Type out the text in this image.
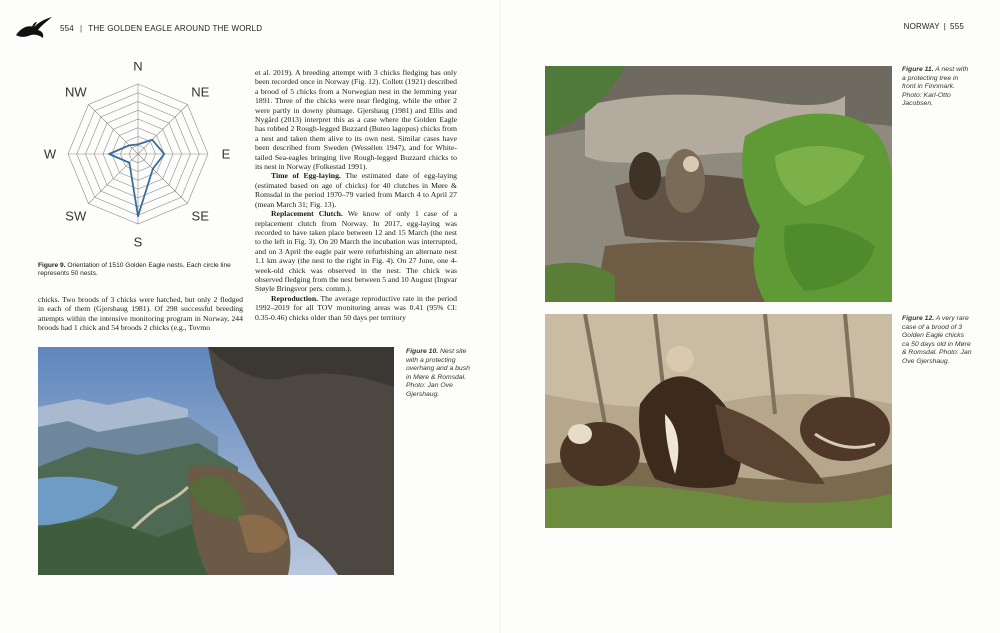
554 | THE GOLDEN EAGLE AROUND THE WORLD	NORWAY | 555
N
NE
E
SE
S
SW
W
NW
Figure 9. Orientation of 1510 Golden Eagle nests. Each circle line represents 50 nests.
chicks. Two broods of 3 chicks were hatched, but only 2 fledged in each of them (Gjershaug 1981). Of 298 successful breeding attempts within the intensive monitoring program in Norway, 244 broods had 1 chick and 54 broods 2 chicks (e.g., Tovmo

et al. 2019). A breeding attempt with 3 chicks fledging has only been recorded once in Norway (Fig. 12). Collett (1921) described a brood of 5 chicks from a Norwegian nest in the lemming year 1891. Three of the chicks were near fledging, while the other 2 were partly in downy plumage. Gjershaug (1981) and Ellis and Nygård (2013) interpret this as a case where the Golden Eagle has robbed 2 Rough-legged Buzzard (Buteo lagopus) chicks from a nest and taken them alive to its own nest. Similar cases have been described from Sweden (Wessélen 1947), and for White-tailed Sea-eagles bringing live Rough-legged Buzzard chicks to its nest in Norway (Folkestad 1991).

Time of Egg-laying. The estimated date of egg-laying (estimated based on age of chicks) for 40 clutches in Møre & Romsdal in the period 1970–79 varied from March 4 to April 27 (mean March 31; Fig. 13).

Replacement Clutch. We know of only 1 case of a replacement clutch from Norway. In 2017, egg-laying was recorded to have taken place between 12 and 15 March (the nest to the left in Fig. 3). On 20 March the incubation was interrupted, and on 3 April the eagle pair were refurbishing an alternate nest 1.1 km away (the nest to the right in Fig. 4). On 27 June, one 4-week-old chick was observed in the nest. The chick was observed fledging from the nest between 5 and 10 August (Ingvar Støyle Bringsvor pers. comm.).

Reproduction. The average reproductive rate in the period 1992–2019 for all TOV monitoring areas was 0.41 (95% CI: 0.35-0.46) chicks older than 50 days per territory

Figure 10. Nest site with a protecting overhang and a bush in Møre & Romsdal. Photo: Jan Ove Gjershaug.
Figure 11. A nest with a protecting tree in front in Finnmark. Photo: Karl-Otto Jacobsen.
Figure 12. A very rare case of a brood of 3 Golden Eagle chicks ca 50 days old in Møre & Romsdal. Photo: Jan Ove Gjershaug.
